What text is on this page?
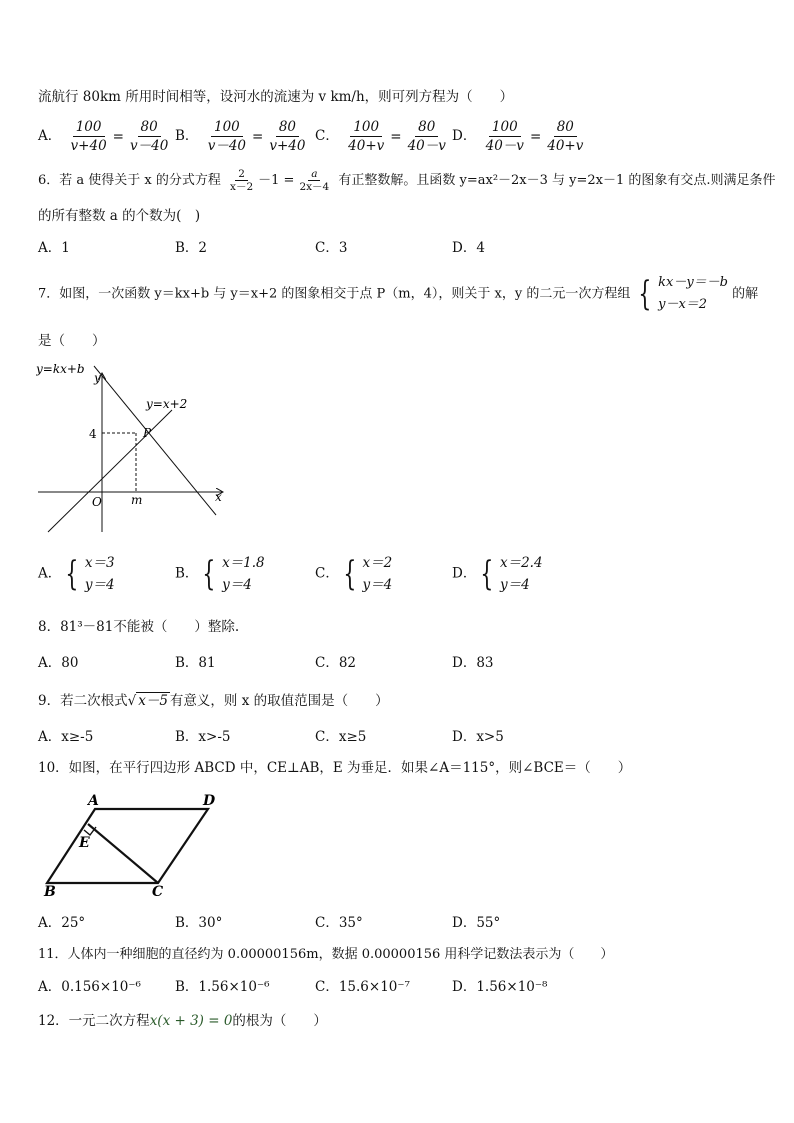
流航行 80km 所用时间相等，设河水的流速为 v km/h，则可列方程为（　　）
A． $\frac{100}{v+40} = \frac{80}{v-40}$ B． $\frac{100}{v-40} = \frac{80}{v+40}$ C． $\frac{100}{40+v} = \frac{80}{40-v}$ D． $\frac{100}{40-v} = \frac{80}{40+v}$
6．若 a 使得关于 x 的分式方程 $\frac{2}{x-2} -1 = \frac{a}{2x-4}$ 有正整数解。且函数 y=ax²－2x－3 与 y=2x－1 的图象有交点.则满足条件
的所有整数 a 的个数为(　)
A．1	B．2	C．3	D．4
7．如图，一次函数 y＝kx+b 与 y＝x+2 的图象相交于点 P（m，4），则关于 x，y 的二元一次方程组 { kx－y＝－b
y－x＝2
的解
是（　　）
y=kx+b
y=x+2
y
x
O
P
4
m
A． { x＝3
y＝4
B． { x＝1.8
y＝4
C． { x＝2
y＝4
D． { x＝2.4
y＝4
8．81³－81不能被（　　）整除.
A．80	B．81	C．82	D．83
9．若二次根式√ x－5 有意义，则 x 的取值范围是（　　）
A．x≥-5	B．x>-5	C．x≥5	D．x>5
10．如图，在平行四边形 ABCD 中，CE⊥AB，E 为垂足．如果∠A＝115°，则∠BCE＝（　　）
A	D
E
B	C
A．25°	B．30°	C．35°	D．55°
11．人体内一种细胞的直径约为 0.00000156m，数据 0.00000156 用科学记数法表示为（　　）
A．0.156×10⁻⁶	B．1.56×10⁻⁶	C．15.6×10⁻⁷	D．1.56×10⁻⁸
12．一元二次方程x(x + 3) = 0的根为（　　）
